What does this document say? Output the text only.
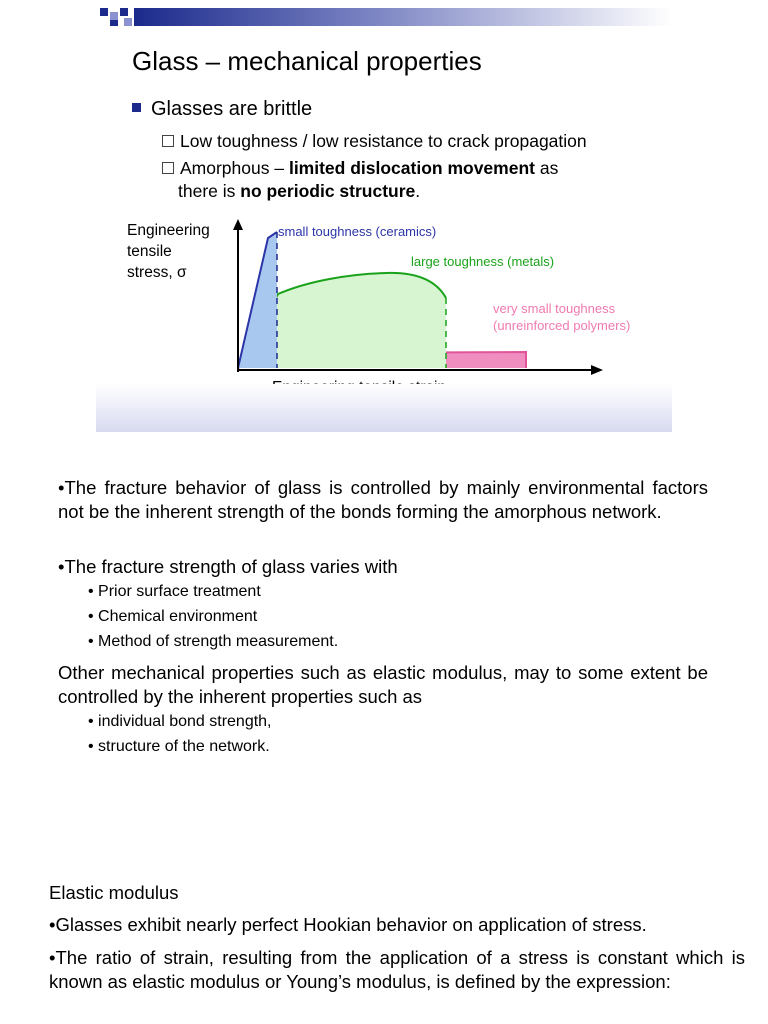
Glass – mechanical properties
Glasses are brittle
Low toughness / low resistance to crack propagation
Amorphous – limited dislocation movement as
there is no periodic structure.
Engineering
tensile
stress, σ
small toughness (ceramics)
large toughness (metals)
very small toughness
(unreinforced polymers)
•The fracture behavior of glass is controlled by mainly environmental factors not be the inherent strength of the bonds forming the amorphous network.
•The fracture strength of glass varies with
• Prior surface treatment
• Chemical environment
• Method of strength measurement.
Other mechanical properties such as elastic modulus, may to some extent be controlled by the inherent properties such as
• individual bond strength,
• structure of the network.
Elastic modulus
•Glasses exhibit nearly perfect Hookian behavior on application of stress.
•The ratio of strain, resulting from the application of a stress is constant which is known as elastic modulus or Young’s modulus, is defined by the expression:
